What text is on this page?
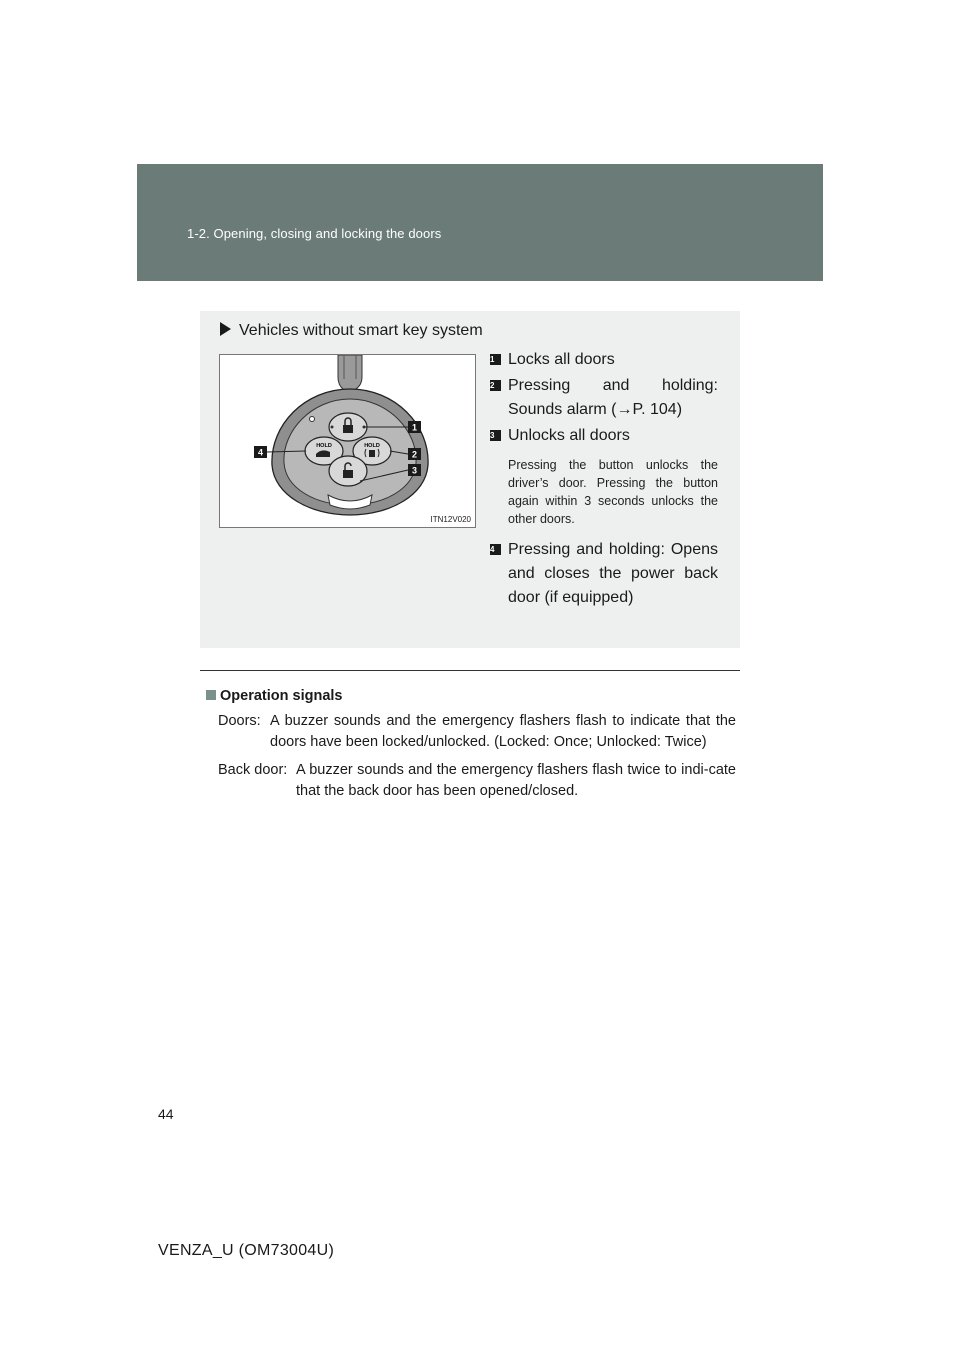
1-2. Opening, closing and locking the doors
Vehicles without smart key system
HOLD	HOLD
1
2
3
4
ITN12V020
1 Locks all doors
2 Pressing and holding: Sounds alarm (→P. 104)
3 Unlocks all doors
Pressing the button unlocks the driver’s door. Pressing the button again within 3 seconds unlocks the other doors.
4 Pressing and holding: Opens and closes the power back door (if equipped)
Operation signals
Doors: A buzzer sounds and the emergency flashers flash to indicate that the doors have been locked/unlocked. (Locked: Once; Unlocked: Twice)
Back door: A buzzer sounds and the emergency flashers flash twice to indi-cate that the back door has been opened/closed.
44
VENZA_U (OM73004U)
